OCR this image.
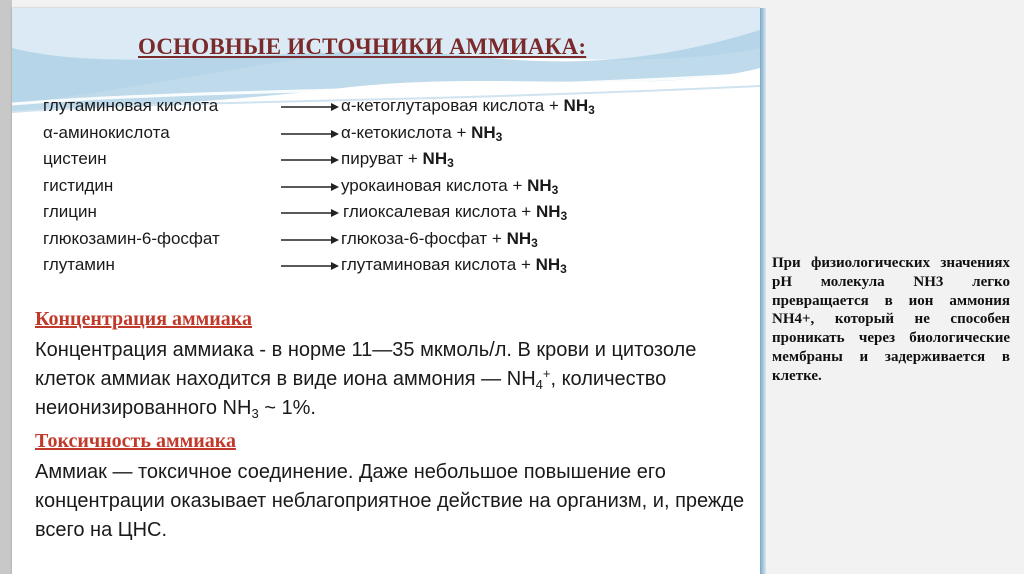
ОСНОВНЫЕ ИСТОЧНИКИ АММИАКА:
глутаминовая кислота	α-кетоглутаровая кислота + $NH_3$
α-аминокислота	α-кетокислота + $NH_3$
цистеин	пируват + $NH_3$
гистидин	урокаиновая кислота + $NH_3$
глицин	глиоксалевая кислота + $NH_3$
глюкозамин-6-фосфат	глюкоза-6-фосфат + $NH_3$
глутамин	глутаминовая кислота + $NH_3$
Концентрация аммиака

Концентрация аммиака - в норме 11—35 мкмоль/л. В крови и цитозоле клеток аммиак находится в виде иона аммония — $NH_4^+$, количество неионизированного $NH_3$ ~ 1%.

Токсичность аммиака

Аммиак — токсичное соединение. Даже небольшое повышение его концентрации оказывает неблагоприятное действие на организм, и, прежде всего на ЦНС.

При физиологических значениях pH молекула NH3 легко превращается в ион аммония NH4+, который не способен проникать через биологические мембраны и задерживается в клетке.
